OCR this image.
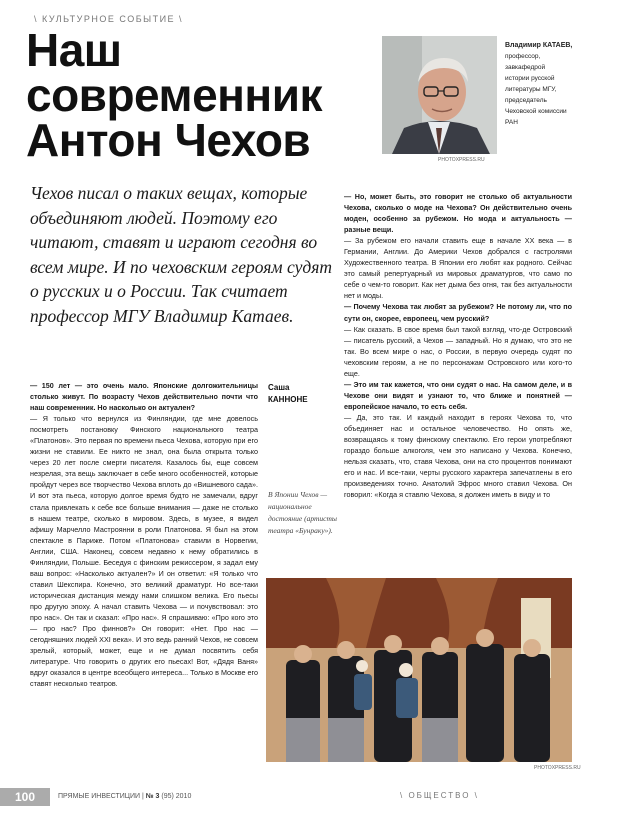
\ КУЛЬТУРНОЕ СОБЫТИЕ \
Наш
современник
Антон Чехов	PHOTOXPRESS.RU
Владимир КАТАЕВ,
профессор,
завкафедрой
истории русской
литературы МГУ,
председатель
Чеховской комиссии
РАН

Чехов писал о таких вещах, которые объединяют людей. Поэтому его читают, ставят и играют сегодня во всем мире. И по чеховским героям судят о русских и о России. Так считает профессор МГУ Владимир Катаев.

— 150 лет — это очень мало. Японские долгожительницы столько живут. По возрасту Чехов действительно почти что наш современник. Но насколько он актуален?

— Я только что вернулся из Финляндии, где мне довелось посмотреть постановку Финского национального театра «Платонов». Это первая по времени пьеса Чехова, которую при его жизни не ставили. Ее никто не знал, она была открыта только через 20 лет после смерти писателя. Казалось бы, еще совсем незрелая, эта вещь заключает в себе много особенностей, которые пройдут через все творчество Чехова вплоть до «Вишневого сада». И вот эта пьеса, которую долгое время будто не замечали, вдруг стала привлекать к себе все больше внимания — даже не столько в нашем театре, сколько в мировом. Здесь, в музее, я видел афишу Марчелло Мастроянни в роли Платонова. Я был на этом спектакле в Париже. Потом «Платонова» ставили в Норвегии, Англии, США. Наконец, совсем недавно к нему обратились в Финляндии, Польше. Беседуя с финским режиссером, я задал ему ваш вопрос: «Насколько актуален?» И он ответил: «Я только что ставил Шекспира. Конечно, это великий драматург. Но все-таки историческая дистанция между нами слишком велика. Его пьесы про другую эпоху. А начал ставить Чехова — и почувствовал: это про нас». Он так и сказал: «Про нас». Я спрашиваю: «Про кого это — про нас? Про финнов?» Он говорит: «Нет. Про нас — сегодняшних людей XXI века». И это ведь ранний Чехов, не совсем зрелый, который, может, еще и не думал посвятить себя литературе. Что говорить о других его пьесах! Вот, «Дядя Ваня» вдруг оказался в центре всеобщего интереса... Только в Москве его ставят несколько театров.

Саша
КАННОНЕ
В Японии Чехов — национальное достояние (артисты театра «Бунраку»).

— Но, может быть, это говорит не столько об актуальности Чехова, сколько о моде на Чехова? Он действительно очень моден, особенно за рубежом. Но мода и актуальность — разные вещи.

— За рубежом его начали ставить еще в начале XX века — в Германии, Англии. До Америки Чехов добрался с гастролями Художественного театра. В Японии его любят как родного. Сейчас это самый репертуарный из мировых драматургов, что само по себе о чем-то говорит. Как нет дыма без огня, так без актуальности нет и моды.

— Почему Чехова так любят за рубежом? Не потому ли, что по сути он, скорее, европеец, чем русский?

— Как сказать. В свое время был такой взгляд, что-де Островский — писатель русский, а Чехов — западный. Но я думаю, что это не так. Во всем мире о нас, о России, в первую очередь судят по чеховским героям, а не по персонажам Островского или кого-то еще.

— Это им так кажется, что они судят о нас. На самом деле, и в Чехове они видят и узнают то, что ближе и понятней — европейское начало, то есть себя.

— Да, это так. И каждый находит в героях Чехова то, что объединяет нас и остальное человечество. Но опять же, возвращаясь к тому финскому спектаклю. Его герои употребляют гораздо больше алкоголя, чем это написано у Чехова. Конечно, нельзя сказать, что, ставя Чехова, они на сто процентов понимают его и нас. И все-таки, черты русского характера запечатлены в его произведениях точно. Анатолий Эфрос много ставил Чехова. Он говорил: «Когда я ставлю Чехова, я должен иметь в виду и то

PHOTOXPRESS.RU
100	ПРЯМЫЕ ИНВЕСТИЦИИ | № 3 (95) 2010	\ ОБЩЕСТВО \
